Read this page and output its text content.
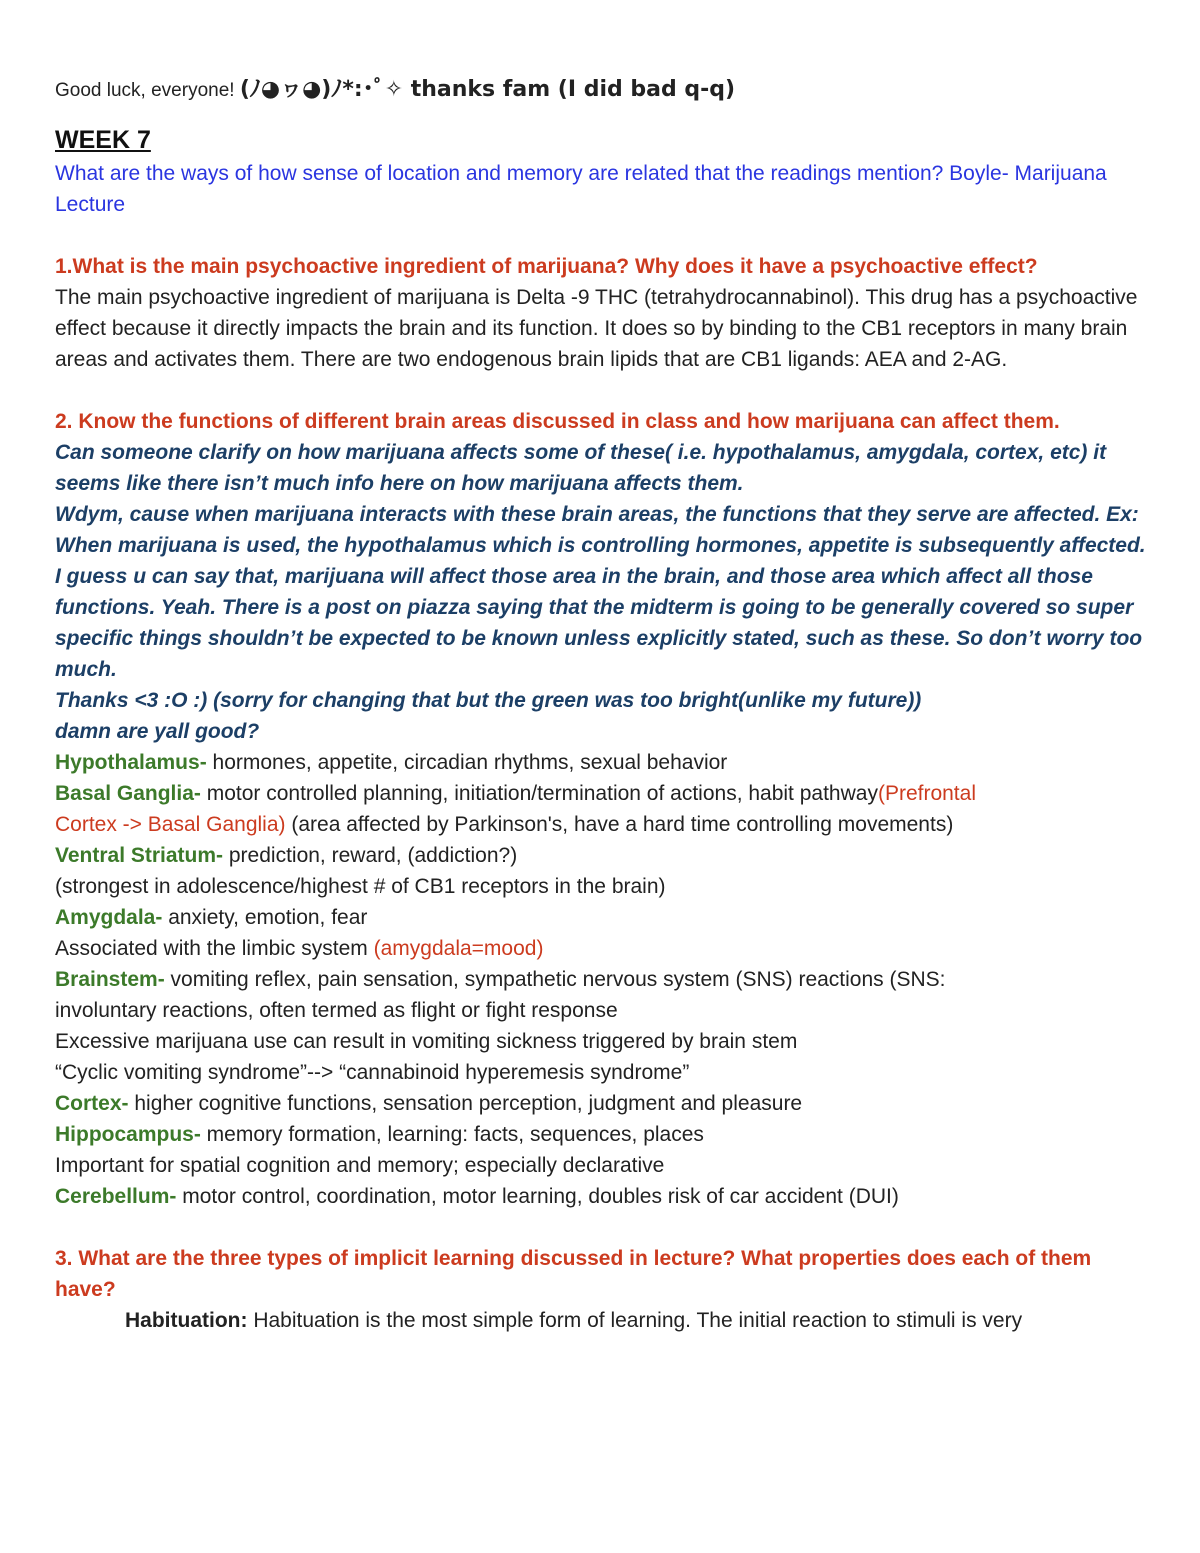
Good luck, everyone! (ﾉ◕ヮ◕)ﾉ*:･ﾟ✧ thanks fam (I did bad q-q)
WEEK 7
What are the ways of how sense of location and memory are related that the readings mention? Boyle- Marijuana Lecture
1.What is the main psychoactive ingredient of marijuana? Why does it have a psychoactive effect?
The main psychoactive ingredient of marijuana is Delta -9 THC (tetrahydrocannabinol). This drug has a psychoactive effect because it directly impacts the brain and its function. It does so by binding to the CB1 receptors in many brain areas and activates them. There are two endogenous brain lipids that are CB1 ligands: AEA and 2-AG.
2. Know the functions of different brain areas discussed in class and how marijuana can affect them.
Can someone clarify on how marijuana affects some of these( i.e. hypothalamus, amygdala, cortex, etc) it seems like there isn’t much info here on how marijuana affects them.
Wdym, cause when marijuana interacts with these brain areas, the functions that they serve are affected. Ex: When marijuana is used, the hypothalamus which is controlling hormones, appetite is subsequently affected.
I guess u can say that, marijuana will affect those area in the brain, and those area which affect all those functions. Yeah. There is a post on piazza saying that the midterm is going to be generally covered so super specific things shouldn’t be expected to be known unless explicitly stated, such as these. So don’t worry too much.
Thanks <3 :O :) (sorry for changing that but the green was too bright(unlike my future))
damn are yall good?
Hypothalamus- hormones, appetite, circadian rhythms, sexual behavior
Basal Ganglia- motor controlled planning, initiation/termination of actions, habit pathway(Prefrontal
Cortex -> Basal Ganglia) (area affected by Parkinson's, have a hard time controlling movements)
Ventral Striatum- prediction, reward, (addiction?)
(strongest in adolescence/highest # of CB1 receptors in the brain)
Amygdala- anxiety, emotion, fear
Associated with the limbic system (amygdala=mood)
Brainstem- vomiting reflex, pain sensation, sympathetic nervous system (SNS) reactions (SNS:
involuntary reactions, often termed as flight or fight response
Excessive marijuana use can result in vomiting sickness triggered by brain stem
“Cyclic vomiting syndrome”--> “cannabinoid hyperemesis syndrome”
Cortex- higher cognitive functions, sensation perception, judgment and pleasure
Hippocampus- memory formation, learning: facts, sequences, places
Important for spatial cognition and memory; especially declarative
Cerebellum- motor control, coordination, motor learning, doubles risk of car accident (DUI)
3. What are the three types of implicit learning discussed in lecture? What properties does each of them have?
Habituation: Habituation is the most simple form of learning. The initial reaction to stimuli is very
